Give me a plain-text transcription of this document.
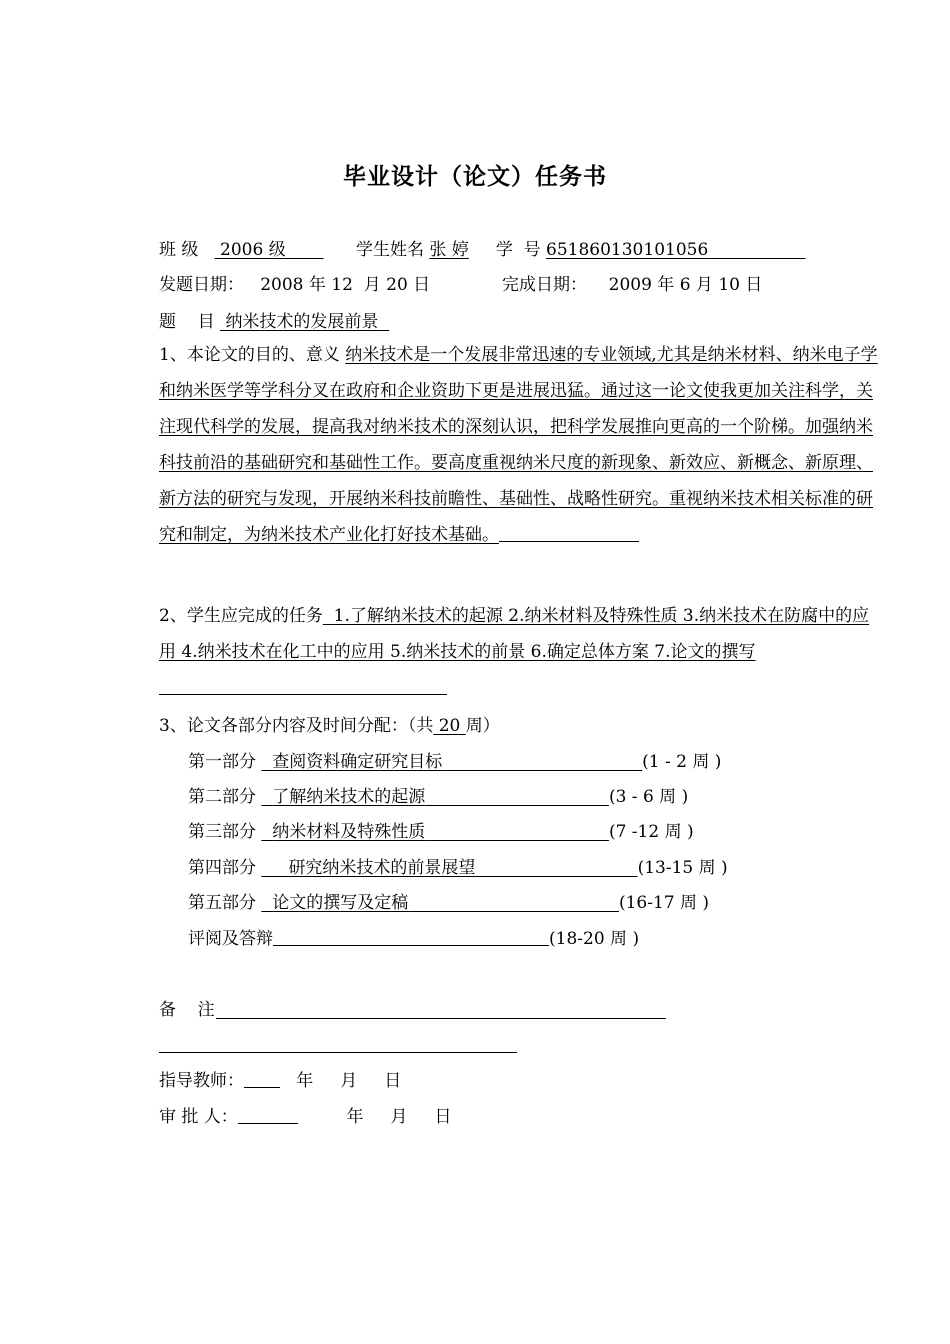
毕业设计（论文）任务书
班 级 2006 级	学生姓名 张 婷 学  号 651860130101056
发题日期： 2008 年 12  月 20 日	完成日期： 2009 年 6 月 10 日
题    目 纳米技术的发展前景
1、本论文的目的、意义 纳米技术是一个发展非常迅速的专业领域,尤其是纳米材料、纳米电子学和纳米医学等学科分叉在政府和企业资助下更是进展迅猛。通过这一论文使我更加关注科学，关注现代科学的发展，提高我对纳米技术的深刻认识，把科学发展推向更高的一个阶梯。加强纳米科技前沿的基础研究和基础性工作。要高度重视纳米尺度的新现象、新效应、新概念、新原理、新方法的研究与发现，开展纳米科技前瞻性、基础性、战略性研究。重视纳米技术相关标准的研究和制定，为纳米技术产业化打好技术基础。
2、学生应完成的任务 1.了解纳米技术的起源 2.纳米材料及特殊性质 3.纳米技术在防腐中的应用 4.纳米技术在化工中的应用 5.纳米技术的前景 6.确定总体方案 7.论文的撰写
3、论文各部分内容及时间分配：（共 20 周）
第一部分 查阅资料确定研究目标	(1 - 2 周 )
第二部分 了解纳米技术的起源	(3 - 6 周 )
第三部分 纳米材料及特殊性质	(7 -12 周 )
第四部分 研究纳米技术的前景展望	(13-15 周 )
第五部分 论文的撰写及定稿	(16-17 周 )
评阅及答辩	(18-20 周 )
备    注
指导教师：	年 月 日
审 批 人：	年 月 日
